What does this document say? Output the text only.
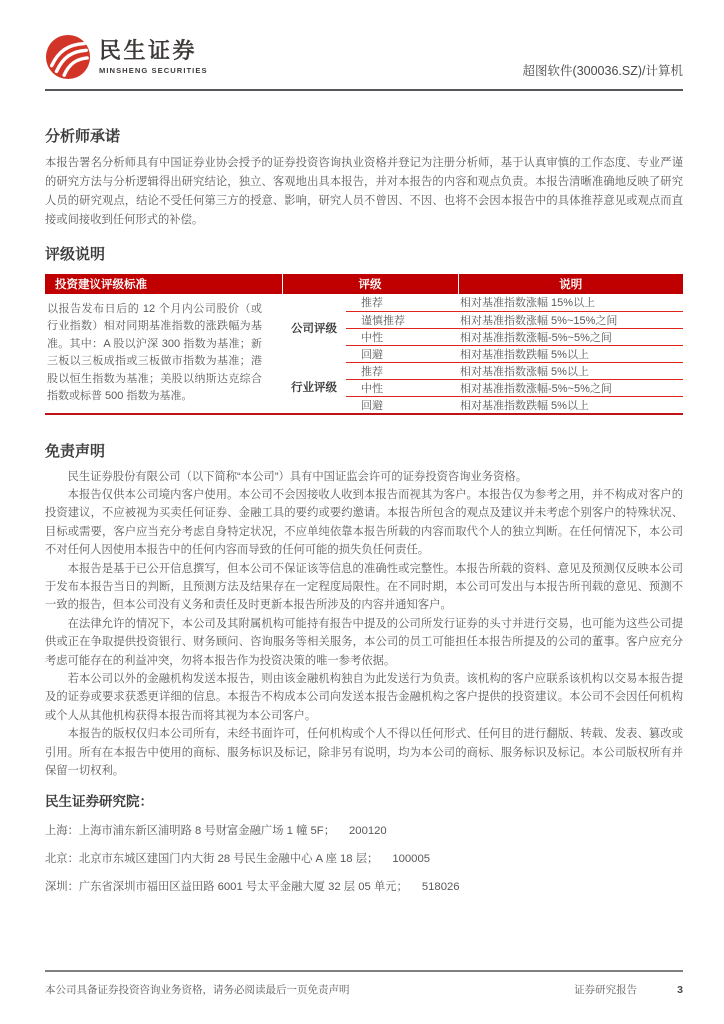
民生证券
MINSHENG SECURITIES	超图软件(300036.SZ)/计算机
分析师承诺

本报告署名分析师具有中国证券业协会授予的证券投资咨询执业资格并登记为注册分析师，基于认真审慎的工作态度、专业严谨的研究方法与分析逻辑得出研究结论，独立、客观地出具本报告，并对本报告的内容和观点负责。本报告清晰准确地反映了研究人员的研究观点，结论不受任何第三方的授意、影响，研究人员不曾因、不因、也将不会因本报告中的具体推荐意见或观点而直接或间接收到任何形式的补偿。

评级说明
投资建议评级标准	评级		说明
以报告发布日后的 12 个月内公司股价（或行业指数）相对同期基准指数的涨跌幅为基准。其中：A 股以沪深 300 指数为基准；新三板以三板成指或三板做市指数为基准；港股以恒生指数为基准；美股以纳斯达克综合指数或标普 500 指数为基准。	公司评级	推荐	相对基准指数涨幅 15%以上
		谨慎推荐	相对基准指数涨幅 5%~15%之间
		中性	相对基准指数涨幅-5%~5%之间
		回避	相对基准指数跌幅 5%以上
	行业评级	推荐	相对基准指数涨幅 5%以上
		中性	相对基准指数涨幅-5%~5%之间
		回避	相对基准指数跌幅 5%以上
免责声明

民生证券股份有限公司（以下简称“本公司”）具有中国证监会许可的证券投资咨询业务资格。

本报告仅供本公司境内客户使用。本公司不会因接收人收到本报告而视其为客户。本报告仅为参考之用，并不构成对客户的投资建议，不应被视为买卖任何证券、金融工具的要约或要约邀请。本报告所包含的观点及建议并未考虑个别客户的特殊状况、目标或需要，客户应当充分考虑自身特定状况，不应单纯依靠本报告所载的内容而取代个人的独立判断。在任何情况下，本公司不对任何人因使用本报告中的任何内容而导致的任何可能的损失负任何责任。

本报告是基于已公开信息撰写，但本公司不保证该等信息的准确性或完整性。本报告所载的资料、意见及预测仅反映本公司于发布本报告当日的判断，且预测方法及结果存在一定程度局限性。在不同时期，本公司可发出与本报告所刊载的意见、预测不一致的报告，但本公司没有义务和责任及时更新本报告所涉及的内容并通知客户。

在法律允许的情况下，本公司及其附属机构可能持有报告中提及的公司所发行证券的头寸并进行交易，也可能为这些公司提供或正在争取提供投资银行、财务顾问、咨询服务等相关服务，本公司的员工可能担任本报告所提及的公司的董事。客户应充分考虑可能存在的利益冲突，勿将本报告作为投资决策的唯一参考依据。

若本公司以外的金融机构发送本报告，则由该金融机构独自为此发送行为负责。该机构的客户应联系该机构以交易本报告提及的证券或要求获悉更详细的信息。本报告不构成本公司向发送本报告金融机构之客户提供的投资建议。本公司不会因任何机构或个人从其他机构获得本报告而将其视为本公司客户。

本报告的版权仅归本公司所有，未经书面许可，任何机构或个人不得以任何形式、任何目的进行翻版、转载、发表、篡改或引用。所有在本报告中使用的商标、服务标识及标记，除非另有说明，均为本公司的商标、服务标识及标记。本公司版权所有并保留一切权利。

民生证券研究院：
上海：上海市浦东新区浦明路 8 号财富金融广场 1 幢 5F； 200120
北京：北京市东城区建国门内大街 28 号民生金融中心 A 座 18 层； 100005
深圳：广东省深圳市福田区益田路 6001 号太平金融大厦 32 层 05 单元； 518026
本公司具备证券投资咨询业务资格，请务必阅读最后一页免责声明	证券研究报告	3
